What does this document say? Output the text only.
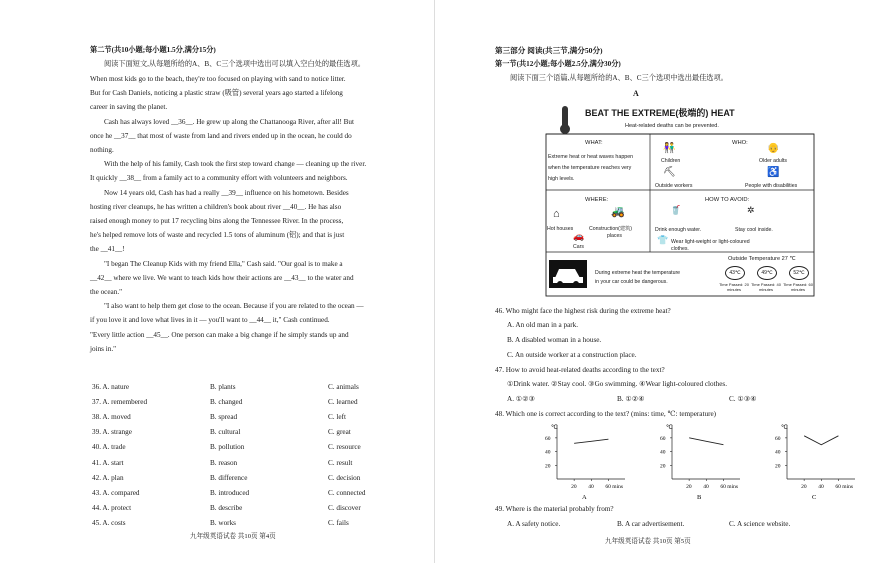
第二节(共10小题;每小题1.5分,满分15分)
阅读下面短文,从每题所给的A、B、C三个选项中选出可以填入空白处的最佳选项。
When most kids go to the beach, they're too focused on playing with sand to notice litter.
But for Cash Daniels, noticing a plastic straw (吸管) several years ago started a lifelong
career in saving the planet.
Cash has always loved __36__. He grew up along the Chattanooga River, after all! But
once he __37__ that most of waste from land and rivers ended up in the ocean, he could do
nothing.
With the help of his family, Cash took the first step toward change — cleaning up the river.
It quickly __38__ from a family act to a community effort with volunteers and neighbors.
Now 14 years old, Cash has had a really __39__ influence on his hometown. Besides
hosting river cleanups, he has written a children's book about river __40__. He has also
raised enough money to put 17 recycling bins along the Tennessee River. In the process,
he's helped remove lots of waste and recycled 1.5 tons of aluminum (铝); and that is just
the __41__!
"I began The Cleanup Kids with my friend Ella," Cash said. "Our goal is to make a
__42__ where we live. We want to teach kids how their actions are __43__ to the water and
the ocean."
"I also want to help them get close to the ocean. Because if you are related to the ocean —
if you love it and love what lives in it — you'll want to __44__ it," Cash continued.
"Every little action __45__. One person can make a big change if he simply stands up and
joins in."
36. A. nature	B. plants	C. animals
37. A. remembered	B. changed	C. learned
38. A. moved	B. spread	C. left
39. A. strange	B. cultural	C. great
40. A. trade	B. pollution	C. resource
41. A. start	B. reason	C. result
42. A. plan	B. difference	C. decision
43. A. compared	B. introduced	C. connected
44. A. protect	B. describe	C. discover
45. A. costs	B. works	C. fails
九年级英语试卷 共10页 第4页
第三部分 阅读(共三节,满分50分)
第一节(共12小题;每小题2.5分,满分30分)
阅读下面三个语篇,从每题所给的A、B、C三个选项中选出最佳选项。
A
BEAT THE EXTREME(极端的) HEAT
Heat-related deaths can be prevented.
WHAT:
Extreme heat or heat waves happen
when the temperature reaches very
high levels.
WHO:
👫	👴
Children	Older adults
⛏	♿
Outside workers	People with disabilities
WHERE:
⌂	🚜
Hot houses	Construction(建筑)
places
🚗
Cars
HOW TO AVOID:
🥤	✲
Drink enough water.	Stay cool inside.
👕 Wear light-weight or light-coloured
clothes.
During extreme heat the temperature
in your car could be dangerous.
Outside Temperature 27 ℃
43℃
Time Passed: 20 minutes
49℃
Time Passed: 40 minutes
52℃
Time Passed: 60 minutes
46. Who might face the highest risk during the extreme heat?
A. An old man in a park.
B. A disabled woman in a house.
C. An outside worker at a construction place.
47. How to avoid heat-related deaths according to the text?
①Drink water. ②Stay cool. ③Go swimming. ④Wear light-coloured clothes.
A. ①②③	B. ①②④	C. ①③④
48. Which one is correct according to the text? (mins: time, ℃: temperature)
℃
20
40
60
20 40 60 mins
A
℃
20
40
60
20 40 60 mins
B
℃
20
40
60
20 40 60 mins
C
49. Where is the material probably from?
A. A safety notice.	B. A car advertisement.	C. A science website.
九年级英语试卷 共10页 第5页
